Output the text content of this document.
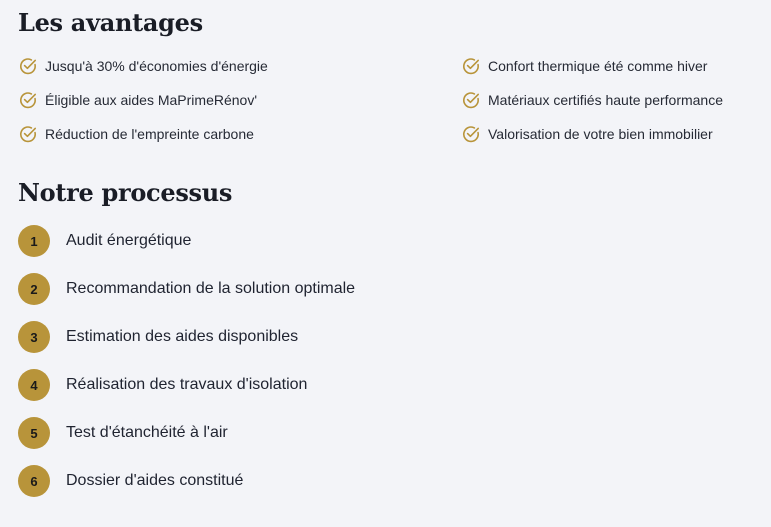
Les avantages
Jusqu'à 30% d'économies d'énergie
Éligible aux aides MaPrimeRénov'
Réduction de l'empreinte carbone
Confort thermique été comme hiver
Matériaux certifiés haute performance
Valorisation de votre bien immobilier
Notre processus
1	Audit énergétique
2	Recommandation de la solution optimale
3	Estimation des aides disponibles
4	Réalisation des travaux d'isolation
5	Test d'étanchéité à l'air
6	Dossier d'aides constitué
